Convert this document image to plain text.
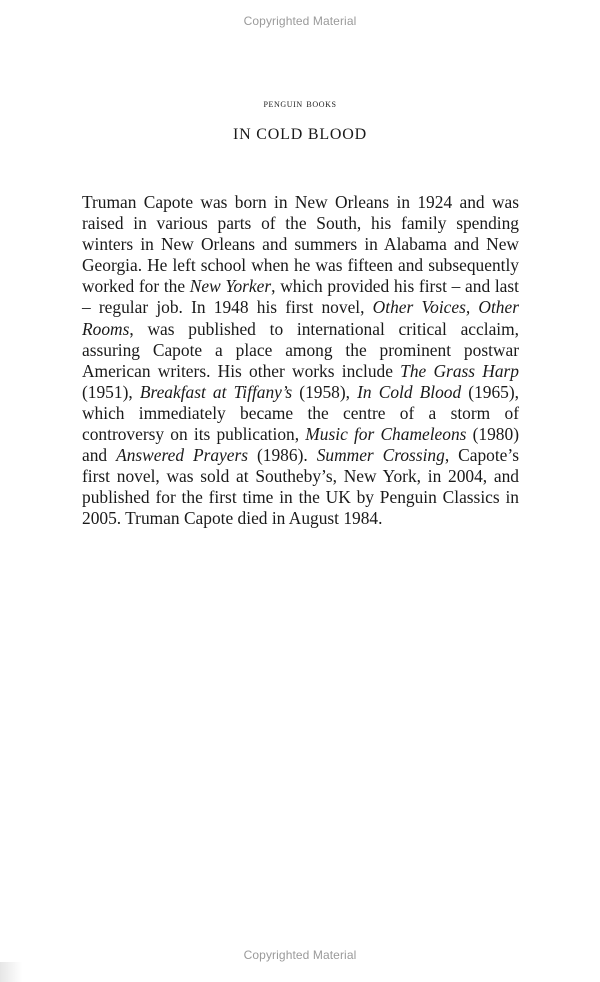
Copyrighted Material
penguin books
IN COLD BLOOD

Truman Capote was born in New Orleans in 1924 and was raised in various parts of the South, his family spending winters in New Orleans and summers in Alabama and New Georgia. He left school when he was fifteen and subsequently worked for the New Yorker, which provided his first – and last – regular job. In 1948 his first novel, Other Voices, Other Rooms, was published to international critical acclaim, assuring Capote a place among the prominent postwar American writers. His other works include The Grass Harp (1951), Breakfast at Tiffany’s (1958), In Cold Blood (1965), which immediately became the centre of a storm of controversy on its publication, Music for Chameleons (1980) and Answered Prayers (1986). Summer Crossing, Capote’s first novel, was sold at Southeby’s, New York, in 2004, and published for the first time in the UK by Penguin Classics in 2005. Truman Capote died in August 1984.

Copyrighted Material
